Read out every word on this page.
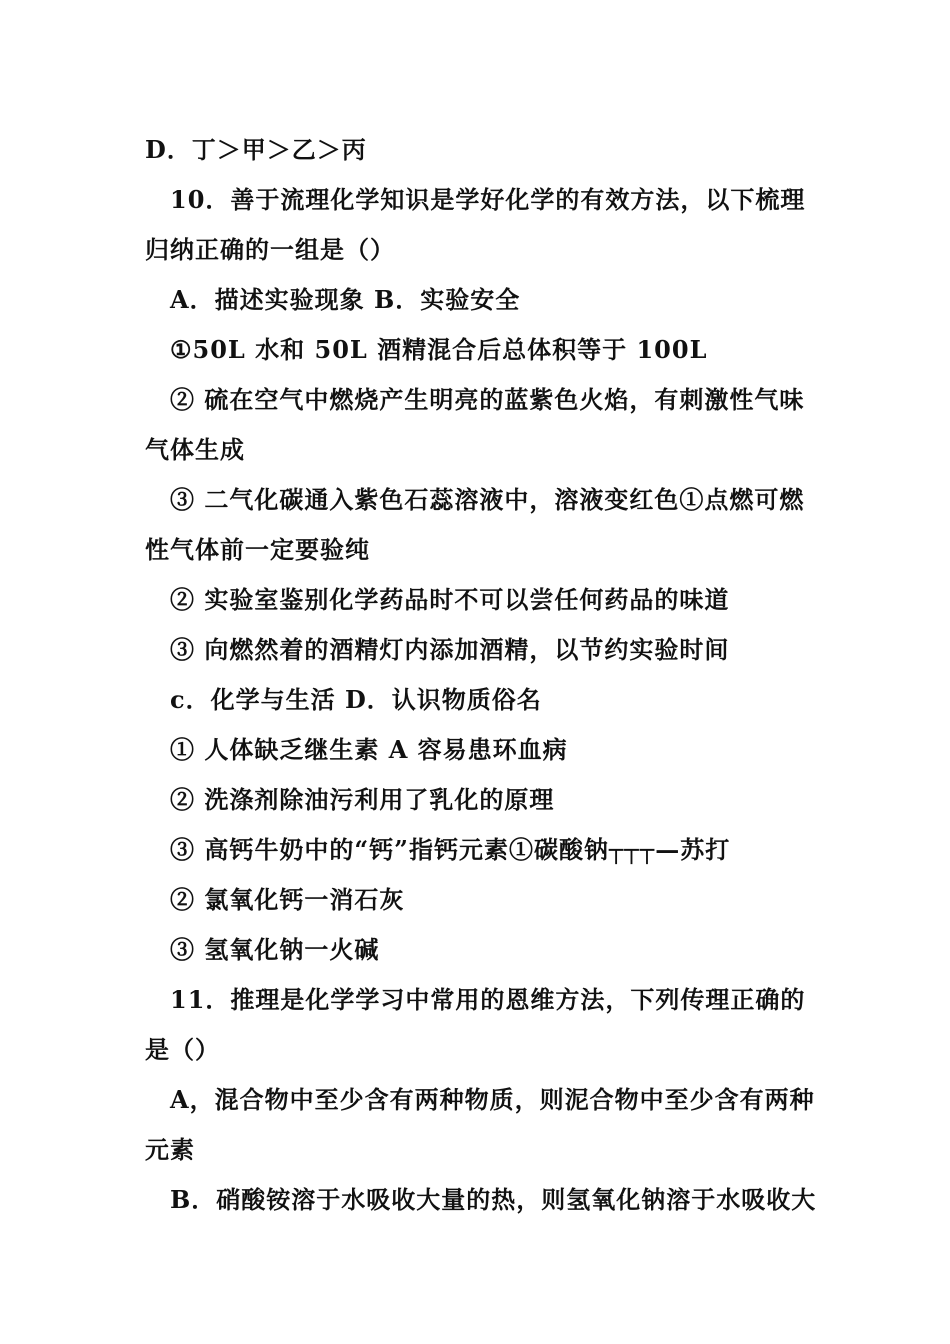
D．丁＞甲＞乙＞丙
10．善于流理化学知识是学好化学的有效方法，以下梳理
归纳正确的一组是（）
A．描述实验现象 B．实验安全
①50L 水和 50L 酒精混合后总体积等于 100L
② 硫在空气中燃烧产生明亮的蓝紫色火焰，有刺激性气味
气体生成
③ 二气化碳通入紫色石蕊溶液中，溶液变红色①点燃可燃
性气体前一定要验纯
② 实验室鉴别化学药品时不可以尝任何药品的味道
③ 向燃然着的酒精灯内添加酒精，以节约实验时间
c．化学与生活 D．认识物质俗名
① 人体缺乏继生素 A 容易患环血病
② 洗涤剂除油污利用了乳化的原理
③ 高钙牛奶中的“钙”指钙元素①碳酸钠┬┬┬—苏打
② 氯氧化钙一消石灰
③ 氢氧化钠一火碱
11．推理是化学学习中常用的恩维方法，下列传理正确的
是（）
A，混合物中至少含有两种物质，则泥合物中至少含有两种
元素
B．硝酸铵溶于水吸收大量的热，则氢氧化钠溶于水吸收大
